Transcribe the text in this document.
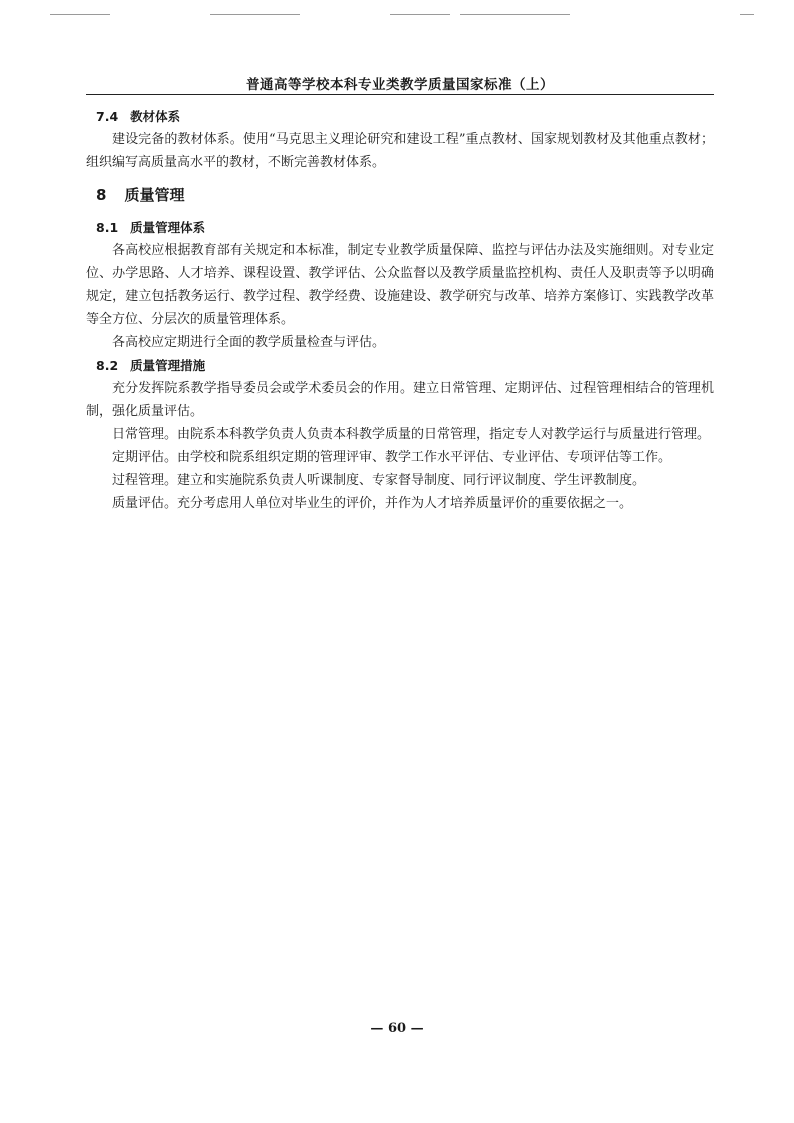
普通高等学校本科专业类教学质量国家标准（上）
7.4 教材体系

建设完备的教材体系。使用“马克思主义理论研究和建设工程”重点教材、国家规划教材及其他重点教材；组织编写高质量高水平的教材，不断完善教材体系。

8 质量管理
8.1 质量管理体系

各高校应根据教育部有关规定和本标准，制定专业教学质量保障、监控与评估办法及实施细则。对专业定位、办学思路、人才培养、课程设置、教学评估、公众监督以及教学质量监控机构、责任人及职责等予以明确规定，建立包括教务运行、教学过程、教学经费、设施建设、教学研究与改革、培养方案修订、实践教学改革等全方位、分层次的质量管理体系。

各高校应定期进行全面的教学质量检查与评估。

8.2 质量管理措施

充分发挥院系教学指导委员会或学术委员会的作用。建立日常管理、定期评估、过程管理相结合的管理机制，强化质量评估。

日常管理。由院系本科教学负责人负责本科教学质量的日常管理，指定专人对教学运行与质量进行管理。

定期评估。由学校和院系组织定期的管理评审、教学工作水平评估、专业评估、专项评估等工作。

过程管理。建立和实施院系负责人听课制度、专家督导制度、同行评议制度、学生评教制度。

质量评估。充分考虑用人单位对毕业生的评价，并作为人才培养质量评价的重要依据之一。

— 60 —
